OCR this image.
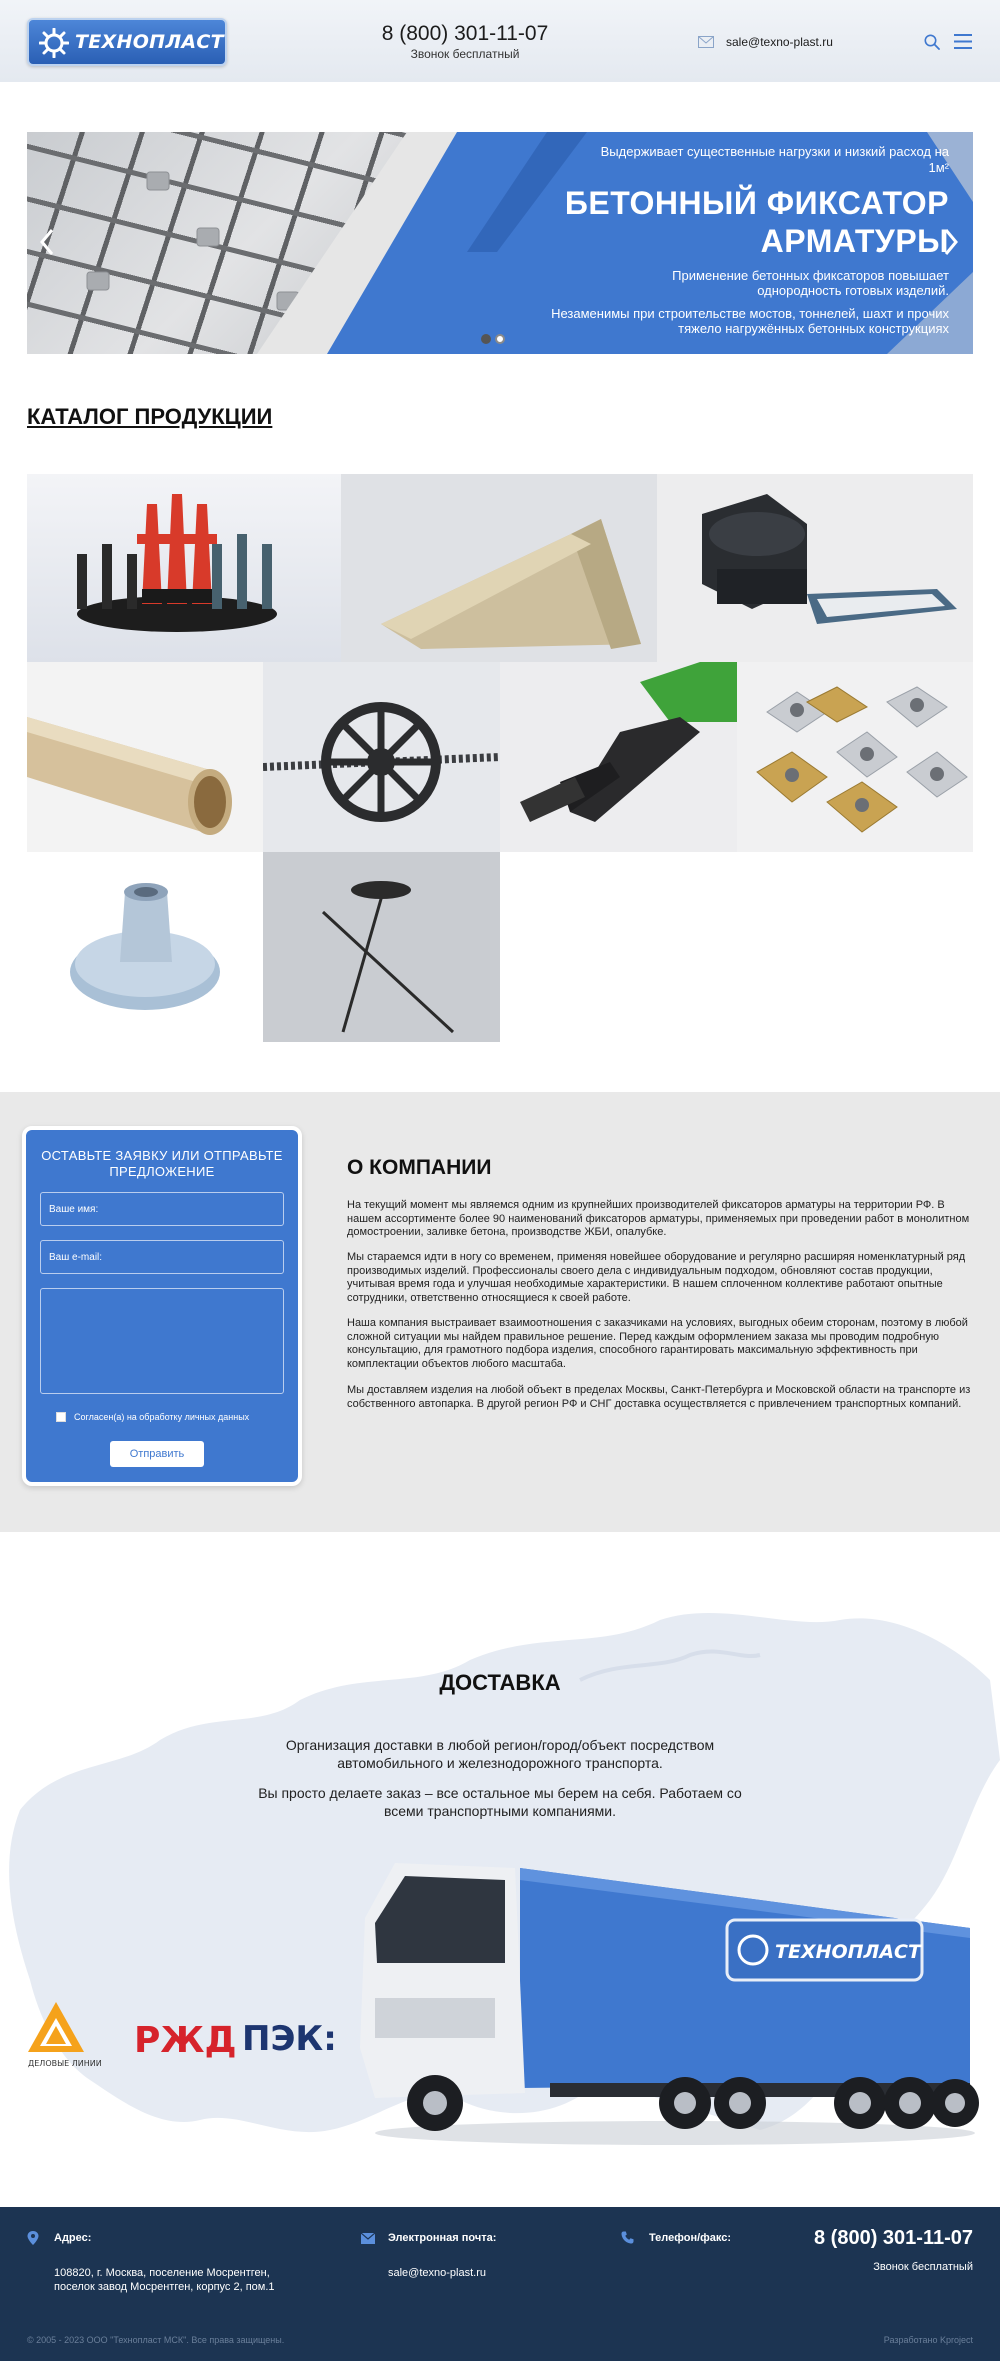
ТЕХНОПЛАСТ	8 (800) 301-11-07
Звонок бесплатный
sale@texno-plast.ru
Выдерживает существенные нагрузки и низкий расход на 1м²
БЕТОННЫЙ ФИКСАТОР АРМАТУРЫ
Применение бетонных фиксаторов повышает однородность готовых изделий.
Незаменимы при строительстве мостов, тоннелей, шахт и прочих тяжело нагружённых бетонных конструкциях
КАТАЛОГ ПРОДУКЦИИ
ОСТАВЬТЕ ЗАЯВКУ ИЛИ ОТПРАВЬТЕ ПРЕДЛОЖЕНИЕ
Ваше имя:
Ваш e-mail:
Согласен(а) на обработку личных данных
Отправить
О КОМПАНИИ
На текущий момент мы являемся одним из крупнейших производителей фиксаторов арматуры на территории РФ. В нашем ассортименте более 90 наименований фиксаторов арматуры, применяемых при проведении работ в монолитном домостроении, заливке бетона, производстве ЖБИ, опалубке.
Мы стараемся идти в ногу со временем, применяя новейшее оборудование и регулярно расширяя номенклатурный ряд производимых изделий. Профессионалы своего дела с индивидуальным подходом, обновляют состав продукции, учитывая время года и улучшая необходимые характеристики. В нашем сплоченном коллективе работают опытные сотрудники, ответственно относящиеся к своей работе.
Наша компания выстраивает взаимоотношения с заказчиками на условиях, выгодных обеим сторонам, поэтому в любой сложной ситуации мы найдем правильное решение. Перед каждым оформлением заказа мы проводим подробную консультацию, для грамотного подбора изделия, способного гарантировать максимальную эффективность при комплектации объектов любого масштаба.
Мы доставляем изделия на любой объект в пределах Москвы, Санкт-Петербурга и Московской области на транспорте из собственного автопарка. В другой регион РФ и СНГ доставка осуществляется с привлечением транспортных компаний.
ДОСТАВКА
Организация доставки в любой регион/город/объект посредством автомобильного и железнодорожного транспорта.
Вы просто делаете заказ – все остальное мы берем на себя. Работаем со всеми транспортными компаниями.
ТЕХНОПЛАСТ
ДЕЛОВЫЕ ЛИНИИ
РЖД ПЭК:
Адрес:
108820, г. Москва, поселение Мосрентген,
поселок завод Мосрентген, корпус 2, пом.1
Электронная почта:
sale@texno-plast.ru
Телефон/факс:	8 (800) 301-11-07
Звонок бесплатный
© 2005 - 2023 ООО "Технопласт МСК". Все права защищены.	Разработано Kproject
